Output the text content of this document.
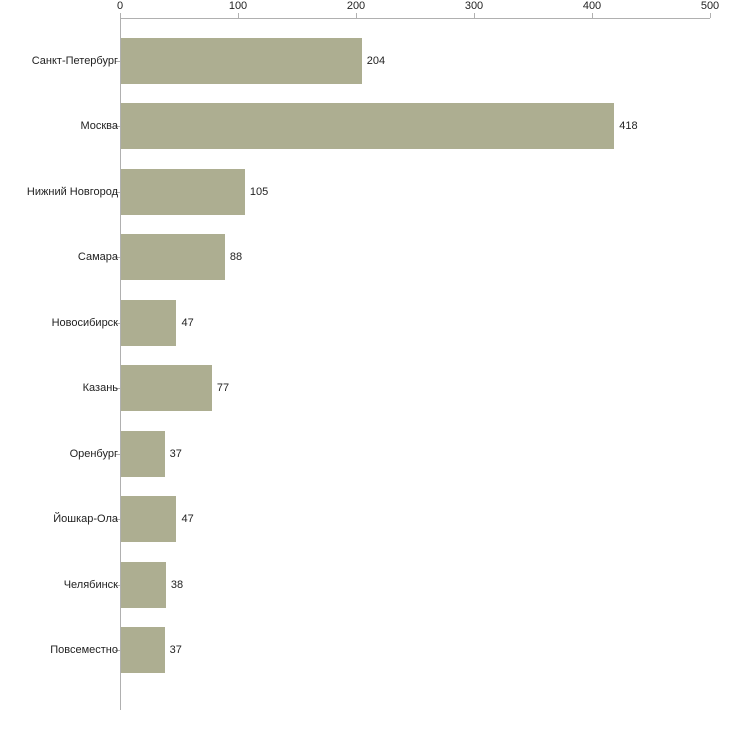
0	100	200	300	400	500
Санкт-Петербург	204
Москва	418
Нижний Новгород	105
Самара	88
Новосибирск	47
Казань	77
Оренбург	37
Йошкар-Ола	47
Челябинск	38
Повсеместно	37
